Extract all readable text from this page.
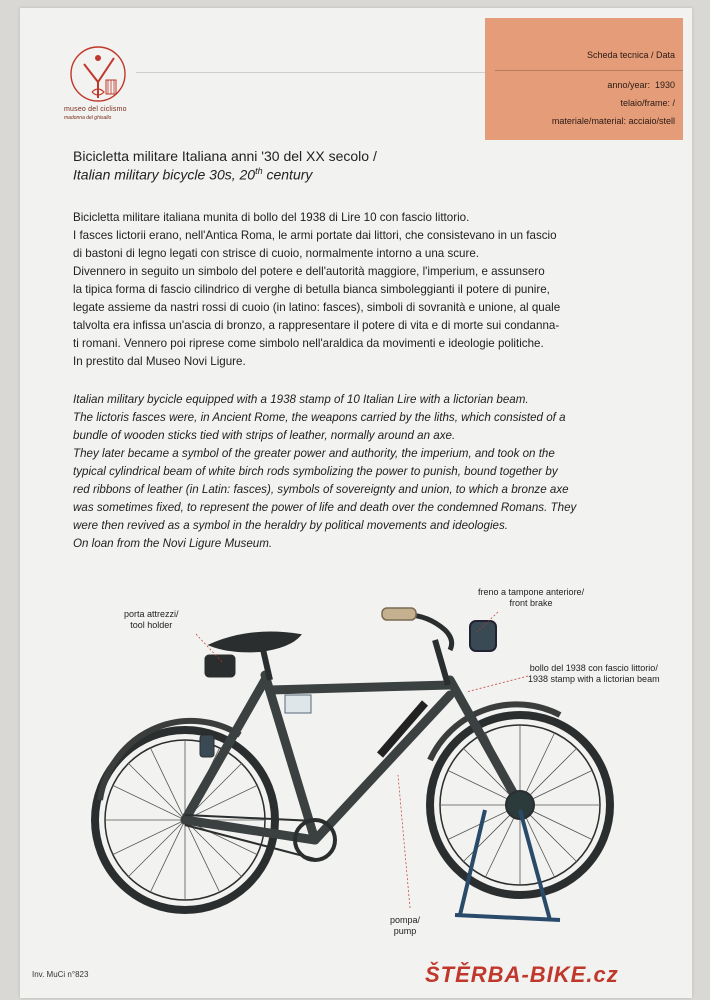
museo del ciclismo
madonna del ghisallo
Scheda tecnica / Data
anno/year: 1930
telaio/frame: /
materiale/material: acciaio/stell
Bicicletta militare Italiana anni '30 del XX secolo /
Italian military bicycle 30s, 20th century

Bicicletta militare italiana munita di bollo del 1938 di Lire 10 con fascio littorio.

I fasces lictorii erano, nell'Antica Roma, le armi portate dai littori, che consistevano in un fascio

di bastoni di legno legati con strisce di cuoio, normalmente intorno a una scure.

Divennero in seguito un simbolo del potere e dell'autorità maggiore, l'imperium, e assunsero

la tipica forma di fascio cilindrico di verghe di betulla bianca simboleggianti il potere di punire,

legate assieme da nastri rossi di cuoio (in latino: fasces), simboli di sovranità e unione, al quale

talvolta era infissa un'ascia di bronzo, a rappresentare il potere di vita e di morte sui condanna-

ti romani. Vennero poi riprese come simbolo nell'araldica da movimenti e ideologie politiche.

In prestito dal Museo Novi Ligure.

Italian military bycicle equipped with a 1938 stamp of 10 Italian Lire with a lictorian beam.

The lictoris fasces were, in Ancient Rome, the weapons carried by the liths, which consisted of a

bundle of wooden sticks tied with strips of leather, normally around an axe.

They later became a symbol of the greater power and authority, the imperium, and took on the

typical cylindrical beam of white birch rods symbolizing the power to punish, bound together by

red ribbons of leather (in Latin: fasces), symbols of sovereignty and union, to which a bronze axe

was sometimes fixed, to represent the power of life and death over the condemned Romans. They

were then revived as a symbol in the heraldry by political movements and ideologies.

On loan from the Novi Ligure Museum.

freno a tampone anteriore/
front brake
porta attrezzi/
tool holder
bollo del 1938 con fascio littorio/
1938 stamp with a lictorian beam
pompa/
pump
Inv. MuCi n°823	ŠTĚRBA-BIKE.cz
